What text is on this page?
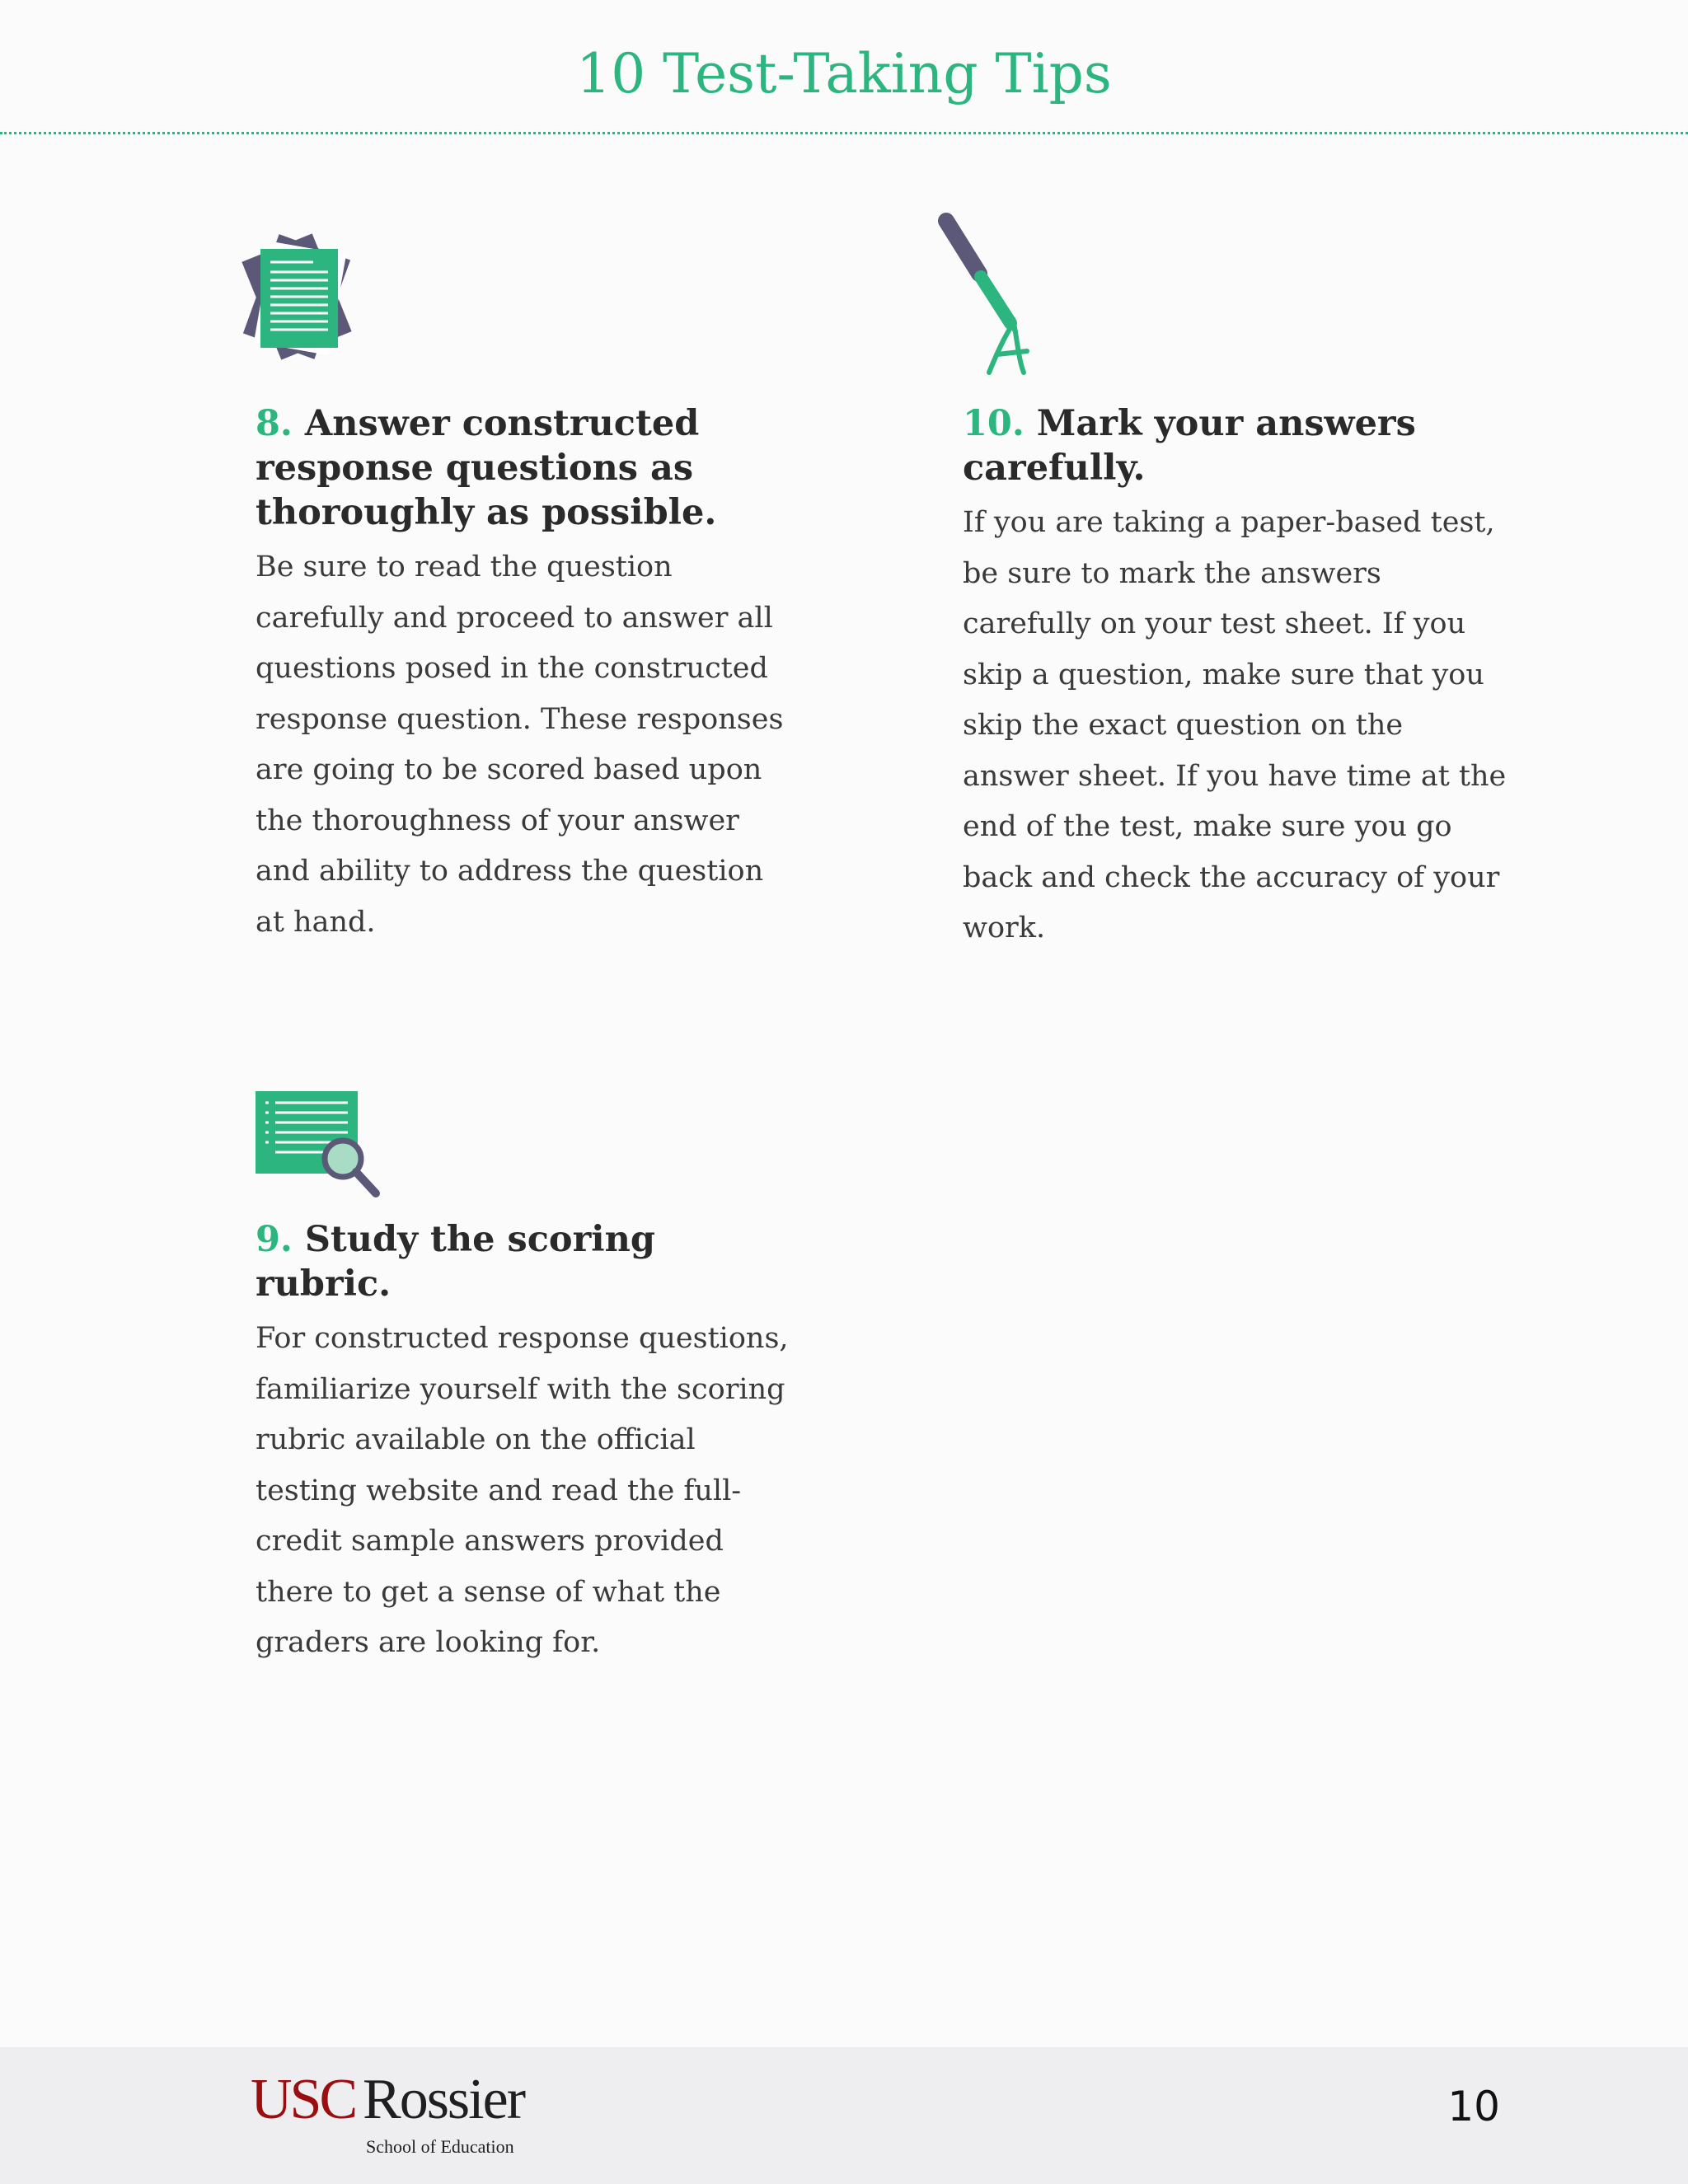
10 Test-Taking Tips
8. Answer constructed response questions as thoroughly as possible.

Be sure to read the question carefully and proceed to answer all questions posed in the constructed response question. These responses are going to be scored based upon the thoroughness of your answer and ability to address the question at hand.

9. Study the scoring rubric.

For constructed response questions, familiarize yourself with the scoring rubric available on the official testing website and read the full-credit sample answers provided there to get a sense of what the graders are looking for.

10. Mark your answers carefully.

If you are taking a paper-based test, be sure to mark the answers carefully on your test sheet. If you skip a question, make sure that you skip the exact question on the answer sheet. If you have time at the end of the test, make sure you go back and check the accuracy of your work.

USC Rossier
School of Education
10
